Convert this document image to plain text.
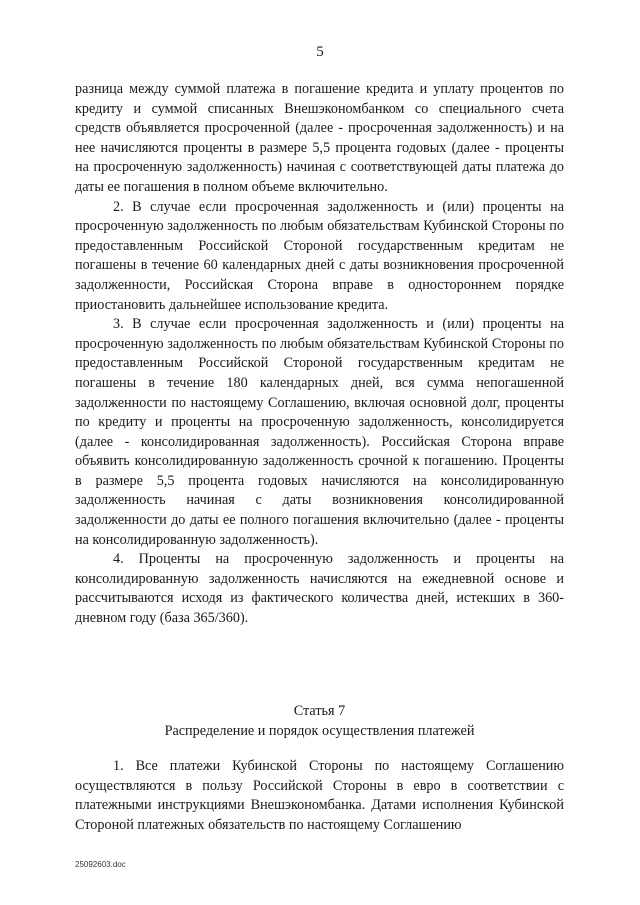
5

разница между суммой платежа в погашение кредита и уплату процентов по кредиту и суммой списанных Внешэкономбанком со специального счета средств объявляется просроченной (далее - просроченная задолженность) и на нее начисляются проценты в размере 5,5 процента годовых (далее - проценты на просроченную задолженность) начиная с соответствующей даты платежа до даты ее погашения в полном объеме включительно.

2. В случае если просроченная задолженность и (или) проценты на просроченную задолженность по любым обязательствам Кубинской Стороны по предоставленным Российской Стороной государственным кредитам не погашены в течение 60 календарных дней с даты возникновения просроченной задолженности, Российская Сторона вправе в одностороннем порядке приостановить дальнейшее использование кредита.

3. В случае если просроченная задолженность и (или) проценты на просроченную задолженность по любым обязательствам Кубинской Стороны по предоставленным Российской Стороной государственным кредитам не погашены в течение 180 календарных дней, вся сумма непогашенной задолженности по настоящему Соглашению, включая основной долг, проценты по кредиту и проценты на просроченную задолженность, консолидируется (далее - консолидированная задолженность). Российская Сторона вправе объявить консолидированную задолженность срочной к погашению. Проценты в размере 5,5 процента годовых начисляются на консолидированную задолженность начиная с даты возникновения консолидированной задолженности до даты ее полного погашения включительно (далее - проценты на консолидированную задолженность).

4. Проценты на просроченную задолженность и проценты на консолидированную задолженность начисляются на ежедневной основе и рассчитываются исходя из фактического количества дней, истекших в 360-дневном году (база 365/360).

Статья 7
Распределение и порядок осуществления платежей

1. Все платежи Кубинской Стороны по настоящему Соглашению осуществляются в пользу Российской Стороны в евро в соответствии с платежными инструкциями Внешэкономбанка. Датами исполнения Кубинской Стороной платежных обязательств по настоящему Соглашению

25092603.doc
